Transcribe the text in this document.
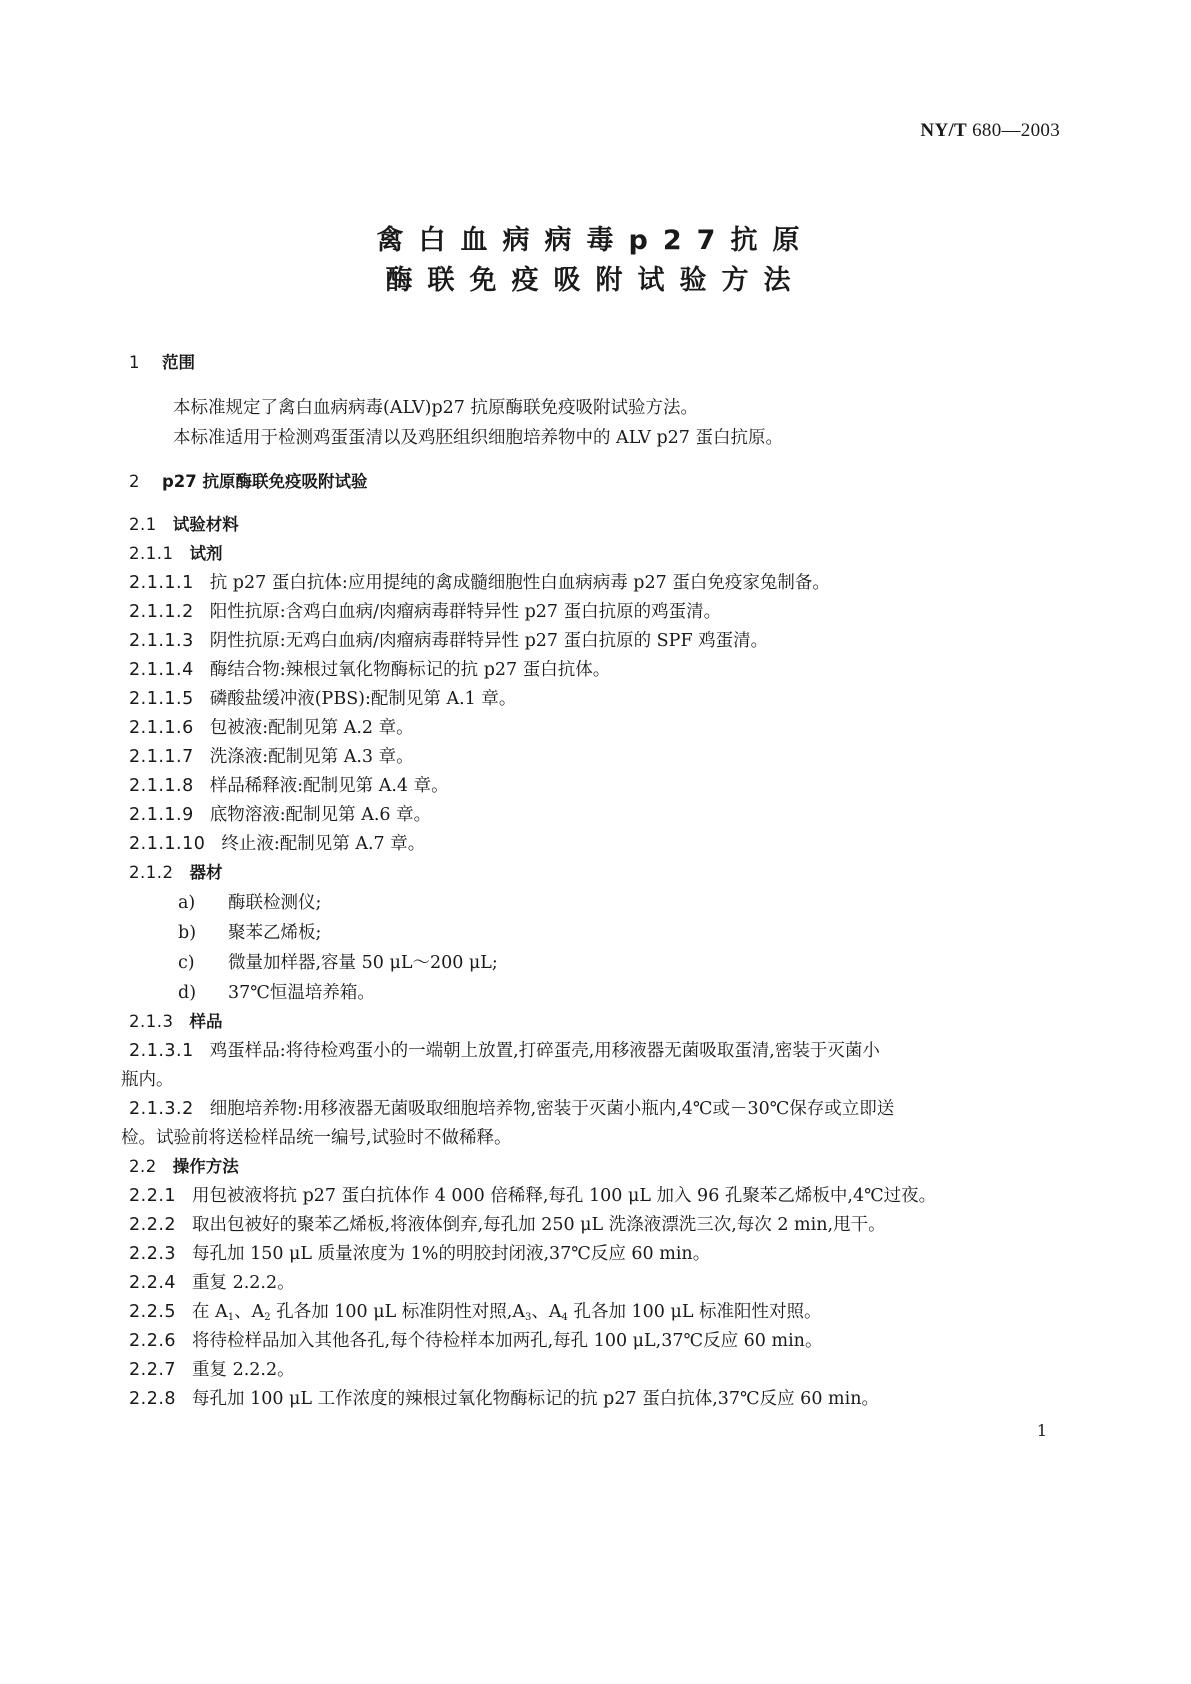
NY/T 680—2003
禽白血病病毒p27抗原
酶联免疫吸附试验方法
1 范围
本标准规定了禽白血病病毒(ALV)p27 抗原酶联免疫吸附试验方法。
本标准适用于检测鸡蛋蛋清以及鸡胚组织细胞培养物中的 ALV p27 蛋白抗原。
2 p27 抗原酶联免疫吸附试验
2.1 试验材料
2.1.1 试剂
2.1.1.1 抗 p27 蛋白抗体:应用提纯的禽成髓细胞性白血病病毒 p27 蛋白免疫家兔制备。
2.1.1.2 阳性抗原:含鸡白血病/肉瘤病毒群特异性 p27 蛋白抗原的鸡蛋清。
2.1.1.3 阴性抗原:无鸡白血病/肉瘤病毒群特异性 p27 蛋白抗原的 SPF 鸡蛋清。
2.1.1.4 酶结合物:辣根过氧化物酶标记的抗 p27 蛋白抗体。
2.1.1.5 磷酸盐缓冲液(PBS):配制见第 A.1 章。
2.1.1.6 包被液:配制见第 A.2 章。
2.1.1.7 洗涤液:配制见第 A.3 章。
2.1.1.8 样品稀释液:配制见第 A.4 章。
2.1.1.9 底物溶液:配制见第 A.6 章。
2.1.1.10 终止液:配制见第 A.7 章。
2.1.2 器材
a) 酶联检测仪;
b) 聚苯乙烯板;
c) 微量加样器,容量 50 μL～200 μL;
d) 37℃恒温培养箱。
2.1.3 样品
2.1.3.1 鸡蛋样品:将待检鸡蛋小的一端朝上放置,打碎蛋壳,用移液器无菌吸取蛋清,密装于灭菌小
瓶内。
2.1.3.2 细胞培养物:用移液器无菌吸取细胞培养物,密装于灭菌小瓶内,4℃或－30℃保存或立即送
检。试验前将送检样品统一编号,试验时不做稀释。
2.2 操作方法
2.2.1 用包被液将抗 p27 蛋白抗体作 4 000 倍稀释,每孔 100 μL 加入 96 孔聚苯乙烯板中,4℃过夜。
2.2.2 取出包被好的聚苯乙烯板,将液体倒弃,每孔加 250 μL 洗涤液漂洗三次,每次 2 min,甩干。
2.2.3 每孔加 150 μL 质量浓度为 1%的明胶封闭液,37℃反应 60 min。
2.2.4 重复 2.2.2。
2.2.5 在 $A_1$、$A_2$ 孔各加 100 μL 标准阴性对照$,A_3$、$A_4$ 孔各加 100 μL 标准阳性对照。
2.2.6 将待检样品加入其他各孔,每个待检样本加两孔,每孔 100 μL,37℃反应 60 min。
2.2.7 重复 2.2.2。
2.2.8 每孔加 100 μL 工作浓度的辣根过氧化物酶标记的抗 p27 蛋白抗体,37℃反应 60 min。
1
